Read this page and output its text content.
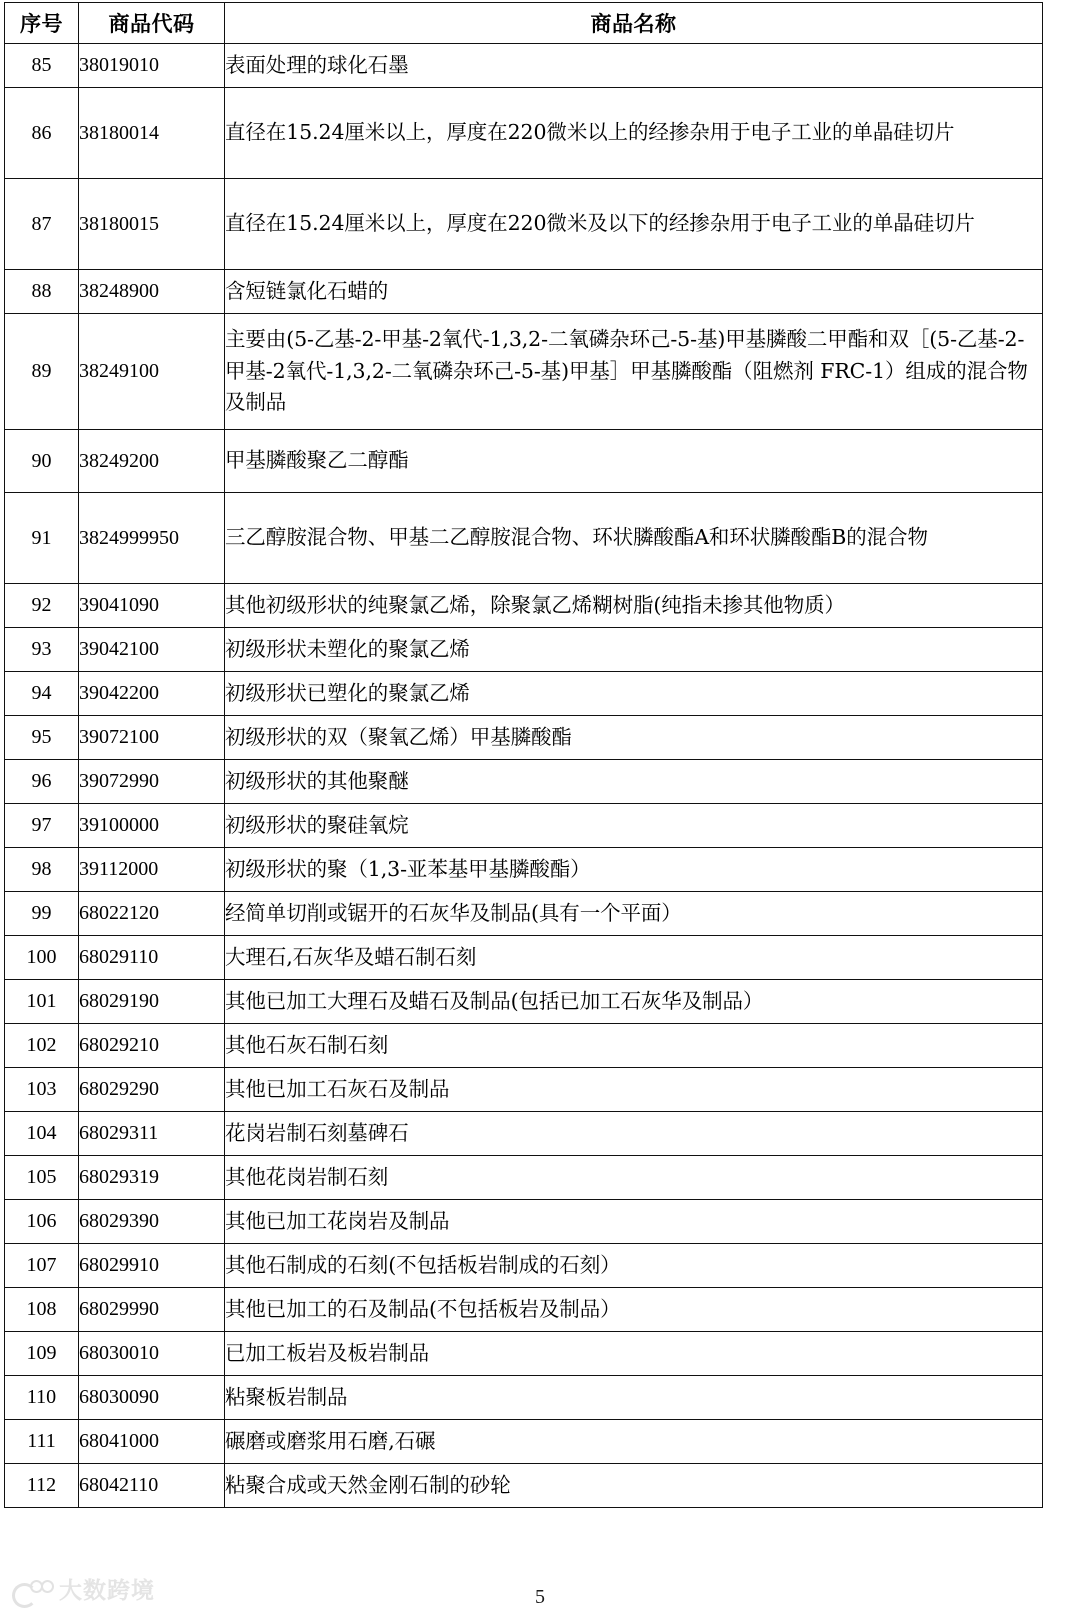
序号	商品代码	商品名称
85	38019010	表面处理的球化石墨
86	38180014	直径在15.24厘米以上，厚度在220微米以上的经掺杂用于电子工业的单晶硅切片
87	38180015	直径在15.24厘米以上，厚度在220微米及以下的经掺杂用于电子工业的单晶硅切片
88	38248900	含短链氯化石蜡的
89	38249100	主要由(5-乙基-2-甲基-2氧代-1,3,2-二氧磷杂环己-5-基)甲基膦酸二甲酯和双［(5-乙基-2-甲基-2氧代-1,3,2-二氧磷杂环己-5-基)甲基］甲基膦酸酯（阻燃剂 FRC-1）组成的混合物及制品
90	38249200	甲基膦酸聚乙二醇酯
91	3824999950	三乙醇胺混合物、甲基二乙醇胺混合物、环状膦酸酯A和环状膦酸酯B的混合物
92	39041090	其他初级形状的纯聚氯乙烯，除聚氯乙烯糊树脂(纯指未掺其他物质）
93	39042100	初级形状未塑化的聚氯乙烯
94	39042200	初级形状已塑化的聚氯乙烯
95	39072100	初级形状的双（聚氧乙烯）甲基膦酸酯
96	39072990	初级形状的其他聚醚
97	39100000	初级形状的聚硅氧烷
98	39112000	初级形状的聚（1,3-亚苯基甲基膦酸酯）
99	68022120	经简单切削或锯开的石灰华及制品(具有一个平面）
100	68029110	大理石,石灰华及蜡石制石刻
101	68029190	其他已加工大理石及蜡石及制品(包括已加工石灰华及制品）
102	68029210	其他石灰石制石刻
103	68029290	其他已加工石灰石及制品
104	68029311	花岗岩制石刻墓碑石
105	68029319	其他花岗岩制石刻
106	68029390	其他已加工花岗岩及制品
107	68029910	其他石制成的石刻(不包括板岩制成的石刻）
108	68029990	其他已加工的石及制品(不包括板岩及制品）
109	68030010	已加工板岩及板岩制品
110	68030090	粘聚板岩制品
111	68041000	碾磨或磨浆用石磨,石碾
112	68042110	粘聚合成或天然金刚石制的砂轮
大数跨境	5
